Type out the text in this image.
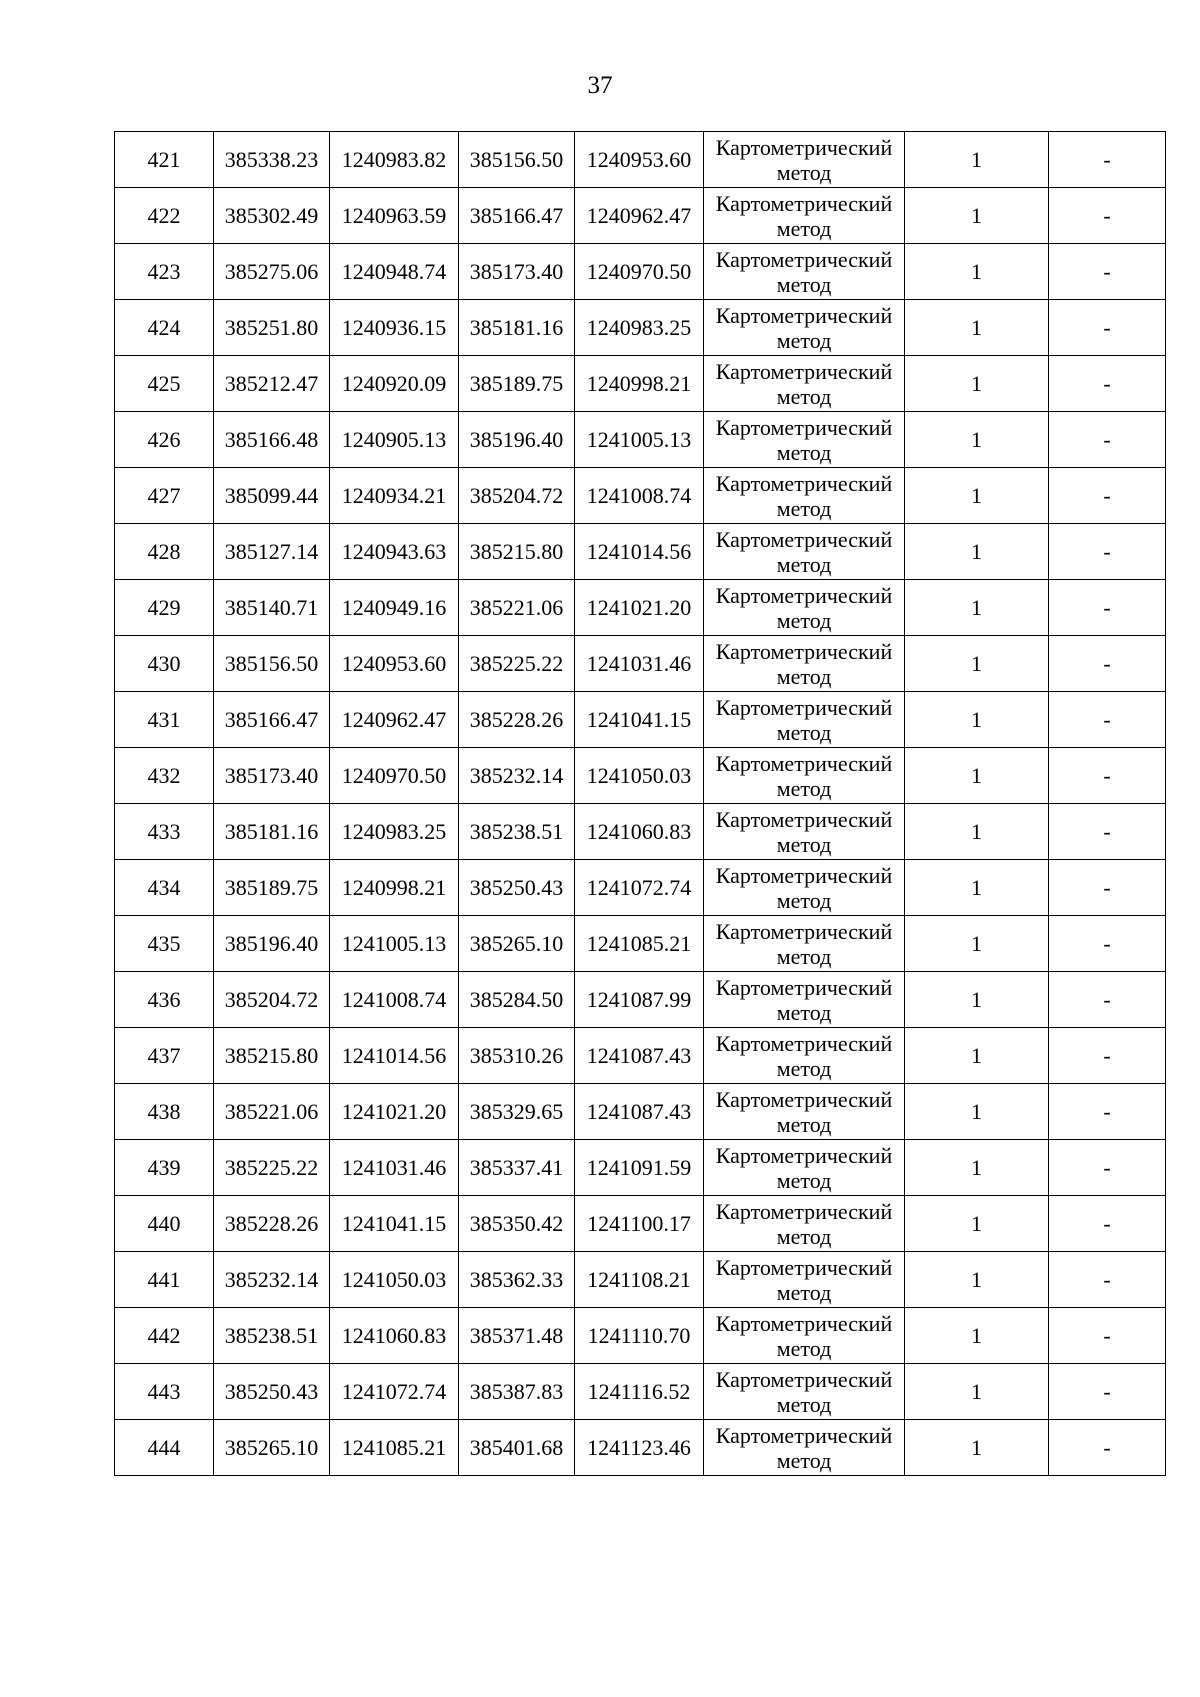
37
421	385338.23	1240983.82	385156.50	1240953.60	Картометрический
метод	1	-
422	385302.49	1240963.59	385166.47	1240962.47	Картометрический
метод	1	-
423	385275.06	1240948.74	385173.40	1240970.50	Картометрический
метод	1	-
424	385251.80	1240936.15	385181.16	1240983.25	Картометрический
метод	1	-
425	385212.47	1240920.09	385189.75	1240998.21	Картометрический
метод	1	-
426	385166.48	1240905.13	385196.40	1241005.13	Картометрический
метод	1	-
427	385099.44	1240934.21	385204.72	1241008.74	Картометрический
метод	1	-
428	385127.14	1240943.63	385215.80	1241014.56	Картометрический
метод	1	-
429	385140.71	1240949.16	385221.06	1241021.20	Картометрический
метод	1	-
430	385156.50	1240953.60	385225.22	1241031.46	Картометрический
метод	1	-
431	385166.47	1240962.47	385228.26	1241041.15	Картометрический
метод	1	-
432	385173.40	1240970.50	385232.14	1241050.03	Картометрический
метод	1	-
433	385181.16	1240983.25	385238.51	1241060.83	Картометрический
метод	1	-
434	385189.75	1240998.21	385250.43	1241072.74	Картометрический
метод	1	-
435	385196.40	1241005.13	385265.10	1241085.21	Картометрический
метод	1	-
436	385204.72	1241008.74	385284.50	1241087.99	Картометрический
метод	1	-
437	385215.80	1241014.56	385310.26	1241087.43	Картометрический
метод	1	-
438	385221.06	1241021.20	385329.65	1241087.43	Картометрический
метод	1	-
439	385225.22	1241031.46	385337.41	1241091.59	Картометрический
метод	1	-
440	385228.26	1241041.15	385350.42	1241100.17	Картометрический
метод	1	-
441	385232.14	1241050.03	385362.33	1241108.21	Картометрический
метод	1	-
442	385238.51	1241060.83	385371.48	1241110.70	Картометрический
метод	1	-
443	385250.43	1241072.74	385387.83	1241116.52	Картометрический
метод	1	-
444	385265.10	1241085.21	385401.68	1241123.46	Картометрический
метод	1	-
